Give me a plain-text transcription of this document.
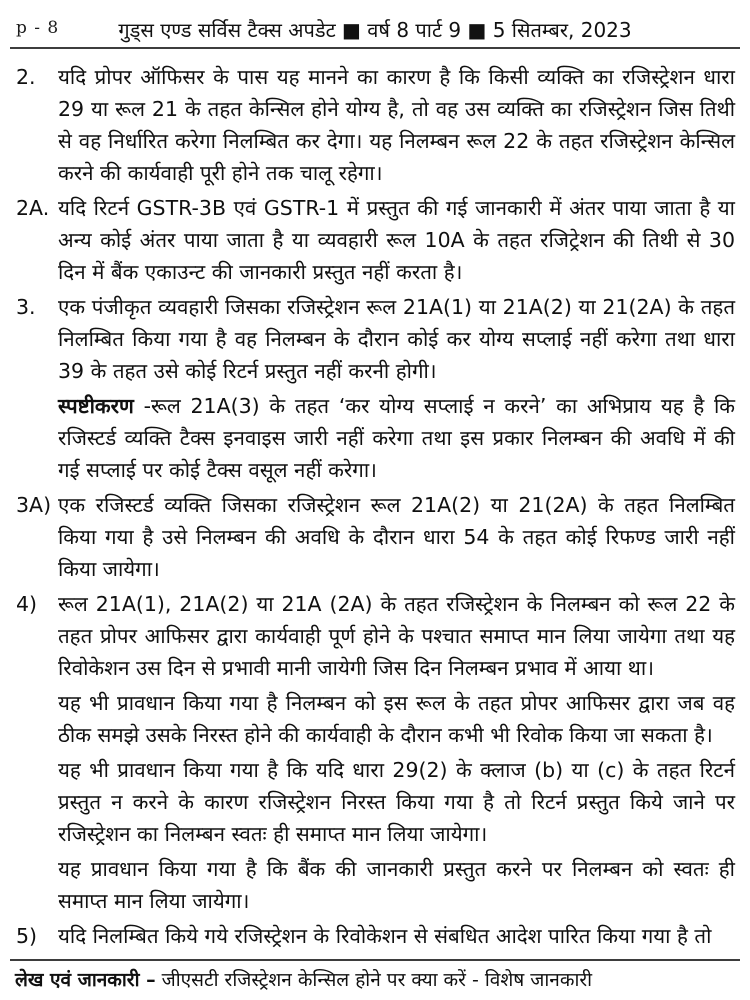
p - 8	गुड्स एण्ड सर्विस टैक्स अपडेट ■ वर्ष 8 पार्ट 9 ■ 5 सितम्बर, 2023
2.	यदि प्रोपर ऑफिसर के पास यह मानने का कारण है कि किसी व्यक्ति का रजिस्ट्रेशन धारा 29 या रूल 21 के तहत केन्सिल होने योग्य है, तो वह उस व्यक्ति का रजिस्ट्रेशन जिस तिथी से वह निर्धारित करेगा निलम्बित कर देगा। यह निलम्बन रूल 22 के तहत रजिस्ट्रेशन केन्सिल करने की कार्यवाही पूरी होने तक चालू रहेगा।
2A. यदि रिटर्न GSTR-3B एवं GSTR-1 में प्रस्तुत की गई जानकारी में अंतर पाया जाता है या अन्य कोई अंतर पाया जाता है या व्यवहारी रूल 10A के तहत रजिट्रेशन की तिथी से 30 दिन में बैंक एकाउन्ट की जानकारी प्रस्तुत नहीं करता है।
3.	एक पंजीकृत व्यवहारी जिसका रजिस्ट्रेशन रूल 21A(1) या 21A(2) या 21(2A) के तहत निलम्बित किया गया है वह निलम्बन के दौरान कोई कर योग्य सप्लाई नहीं करेगा तथा धारा 39 के तहत उसे कोई रिटर्न प्रस्तुत नहीं करनी होगी।
स्पष्टीकरण -रूल 21A(3) के तहत ‘कर योग्य सप्लाई न करने’ का अभिप्राय यह है कि रजिस्टर्ड व्यक्ति टैक्स इनवाइस जारी नहीं करेगा तथा इस प्रकार निलम्बन की अवधि में की गई सप्लाई पर कोई टैक्स वसूल नहीं करेगा।
3A) एक रजिस्टर्ड व्यक्ति जिसका रजिस्ट्रेशन रूल 21A(2) या 21(2A) के तहत निलम्बित किया गया है उसे निलम्बन की अवधि के दौरान धारा 54 के तहत कोई रिफण्ड जारी नहीं किया जायेगा।
4)	रूल 21A(1), 21A(2) या 21A (2A) के तहत रजिस्ट्रेशन के निलम्बन को रूल 22 के तहत प्रोपर आफिसर द्वारा कार्यवाही पूर्ण होने के पश्चात समाप्त मान लिया जायेगा तथा यह रिवोकेशन उस दिन से प्रभावी मानी जायेगी जिस दिन निलम्बन प्रभाव में आया था।
यह भी प्रावधान किया गया है निलम्बन को इस रूल के तहत प्रोपर आफिसर द्वारा जब वह ठीक समझे उसके निरस्त होने की कार्यवाही के दौरान कभी भी रिवोक किया जा सकता है।
यह भी प्रावधान किया गया है कि यदि धारा 29(2) के क्लाज (b) या (c) के तहत रिटर्न प्रस्तुत न करने के कारण रजिस्ट्रेशन निरस्त किया गया है तो रिटर्न प्रस्तुत किये जाने पर रजिस्ट्रेशन का निलम्बन स्वतः ही समाप्त मान लिया जायेगा।
यह प्रावधान किया गया है कि बैंक की जानकारी प्रस्तुत करने पर निलम्बन को स्वतः ही समाप्त मान लिया जायेगा।
5)	यदि निलम्बित किये गये रजिस्ट्रेशन के रिवोकेशन से संबधित आदेश पारित किया गया है तो
लेख एवं जानकारी – जीएसटी रजिस्ट्रेशन केन्सिल होने पर क्या करें - विशेष जानकारी
